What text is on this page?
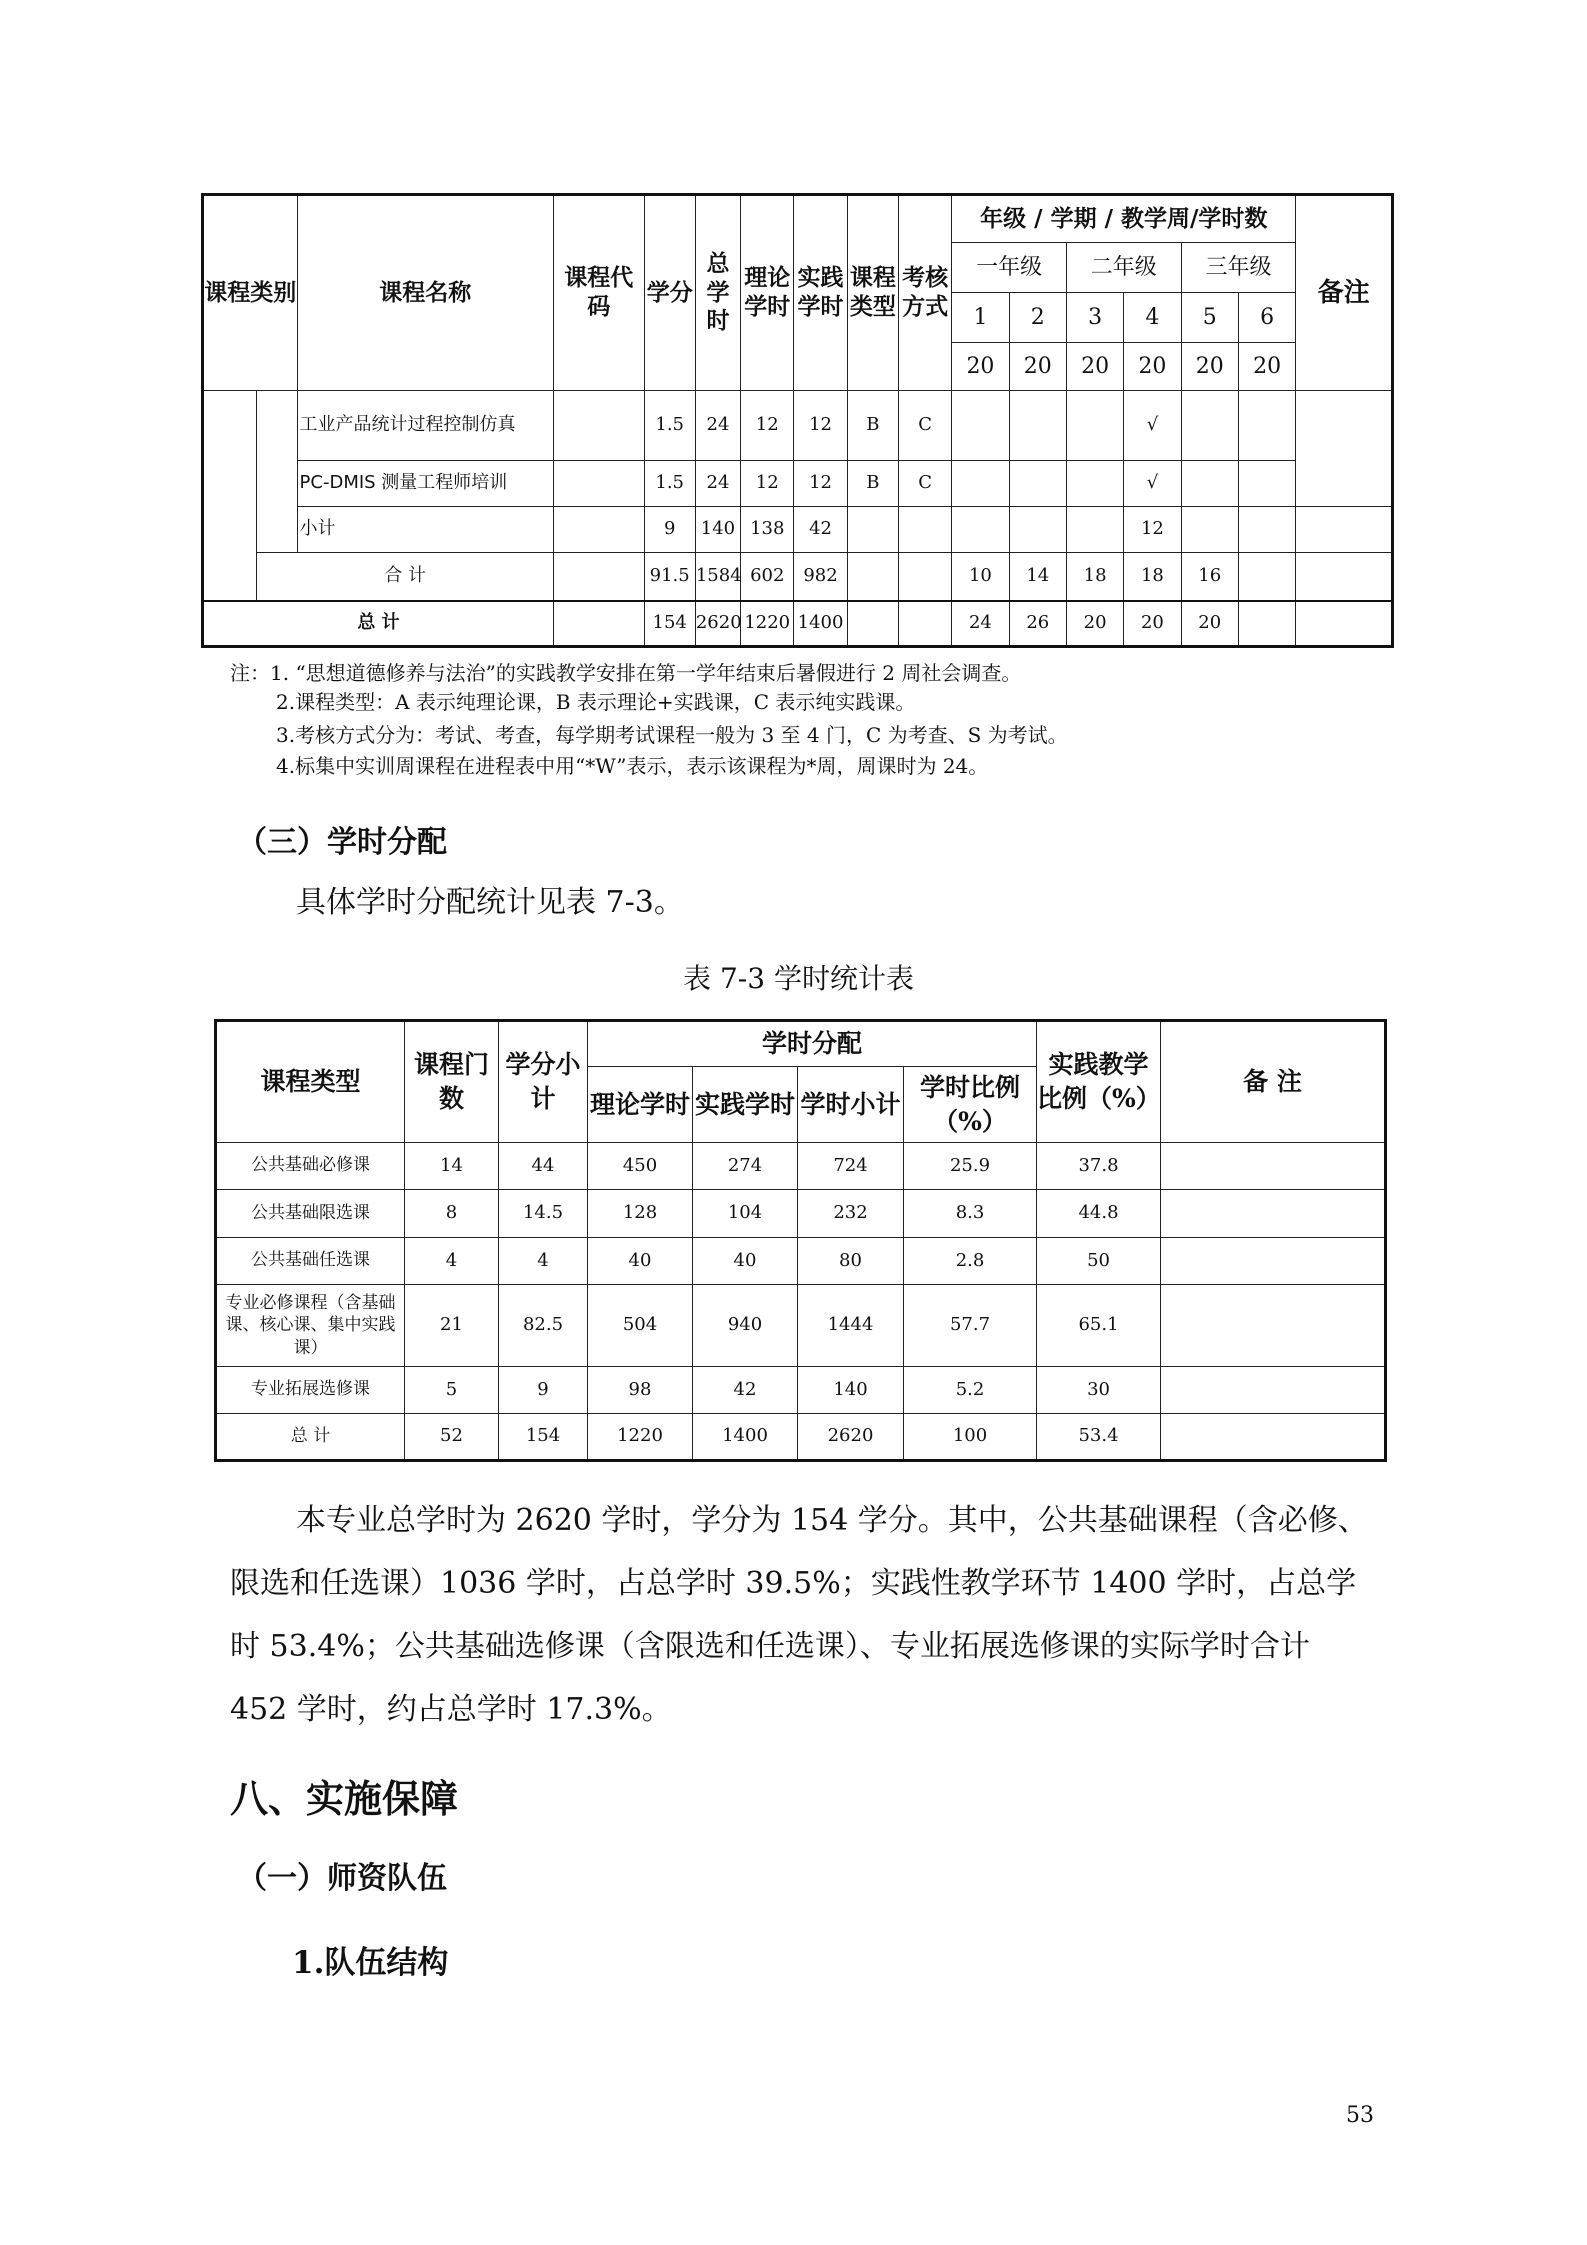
课程类别		课程名称	课程代码	学分	总学时	理论学时	实践学时	课程类型	考核方式	年级 / 学期 / 教学周/学时数						备注
										一年级		二年级		三年级		
										1	2	3	4	5	6	
										20	20	20	20	20	20	
		工业产品统计过程控制仿真		1.5	24	12	12	B	C				√			
		PC-DMIS 测量工程师培训		1.5	24	12	12	B	C				√			
		小计		9	140	138	42						12			
	合 计			91.5	1584	602	982			10	14	18	18	16		
总 计				154	2620	1220	1400			24	26	20	20	20		
注：1. “思想道德修养与法治”的实践教学安排在第一学年结束后暑假进行 2 周社会调查。
2.课程类型：A 表示纯理论课，B 表示理论+实践课，C 表示纯实践课。
3.考核方式分为：考试、考查，每学期考试课程一般为 3 至 4 门，C 为考查、S 为考试。
4.标集中实训周课程在进程表中用“*W”表示，表示该课程为*周，周课时为 24。
（三）学时分配
具体学时分配统计见表 7-3。
表 7-3 学时统计表
课程类型	课程门数	学分小计	学时分配				实践教学比例（%）	备 注
			理论学时	实践学时	学时小计	学时比例（%）		
公共基础必修课	14	44	450	274	724	25.9	37.8	
公共基础限选课	8	14.5	128	104	232	8.3	44.8	
公共基础任选课	4	4	40	40	80	2.8	50	
专业必修课程（含基础课、核心课、集中实践课）	21	82.5	504	940	1444	57.7	65.1	
专业拓展选修课	5	9	98	42	140	5.2	30	
总 计	52	154	1220	1400	2620	100	53.4	
本专业总学时为 2620 学时，学分为 154 学分。其中，公共基础课程（含必修、
限选和任选课）1036 学时，占总学时 39.5%；实践性教学环节 1400 学时，占总学
时 53.4%；公共基础选修课（含限选和任选课）、专业拓展选修课的实际学时合计
452 学时，约占总学时 17.3%。
八、实施保障
（一）师资队伍
1.队伍结构
53
